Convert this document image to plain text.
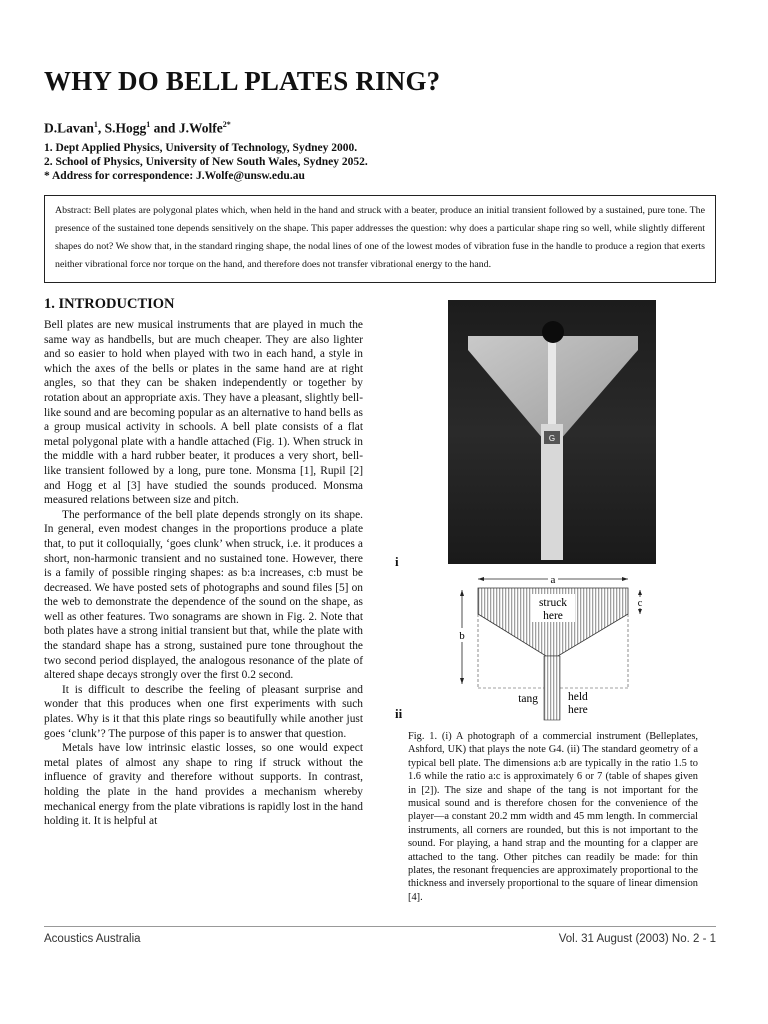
WHY DO BELL PLATES RING?
D.Lavan$^1$, S.Hogg$^1$ and J.Wolfe$^{2*}$
1. Dept Applied Physics, University of Technology, Sydney 2000.
2. School of Physics, University of New South Wales, Sydney 2052.
* Address for correspondence: J.Wolfe@unsw.edu.au
Abstract: Bell plates are polygonal plates which, when held in the hand and struck with a beater, produce an initial transient followed by a sustained, pure tone. The presence of the sustained tone depends sensitively on the shape. This paper addresses the question: why does a particular shape ring so well, while slightly different shapes do not? We show that, in the standard ringing shape, the nodal lines of one of the lowest modes of vibration fuse in the handle to produce a region that exerts neither vibrational force nor torque on the hand, and therefore does not transfer vibrational energy to the hand.
1. INTRODUCTION

Bell plates are new musical instruments that are played in much the same way as handbells, but are much cheaper. They are also lighter and so easier to hold when played with two in each hand, a style in which the axes of the bells or plates in the same hand are at right angles, so that they can be shaken independently or together by rotation about an appropriate axis. They have a pleasant, slightly bell-like sound and are becoming popular as an alternative to hand bells as a group musical activity in schools. A bell plate consists of a flat metal polygonal plate with a handle attached (Fig. 1). When struck in the middle with a hard rubber beater, it produces a very short, bell-like transient followed by a long, pure tone. Monsma [1], Rupil [2] and Hogg et al [3] have studied the sounds produced. Monsma measured relations between size and pitch.

The performance of the bell plate depends strongly on its shape. In general, even modest changes in the proportions produce a plate that, to put it colloquially, ‘goes clunk’ when struck, i.e. it produces a short, non-harmonic transient and no sustained tone. However, there is a family of possible ringing shapes: as b:a increases, c:b must be decreased. We have posted sets of photographs and sound files [5] on the web to demonstrate the dependence of the sound on the shape, as well as other features. Two sonagrams are shown in Fig. 2. Note that both plates have a strong initial transient but that, while the plate with the standard shape has a strong, sustained pure tone throughout the two second period displayed, the analogous resonance of the plate of altered shape decays strongly over the first 0.2 second.

It is difficult to describe the feeling of pleasant surprise and wonder that this produces when one first experiments with such plates. Why is it that this plate rings so beautifully while another just goes ‘clunk’? The purpose of this paper is to answer that question.

Metals have low intrinsic elastic losses, so one would expect metal plates of almost any shape to ring if struck without the influence of gravity and therefore without supports. In contrast, holding the plate in the hand provides a mechanism whereby mechanical energy from the plate vibrations is rapidly lost in the hand holding it. It is helpful at

G
i
a
b
c
struck
here
tang	held
here
ii
Fig. 1. (i) A photograph of a commercial instrument (Belleplates, Ashford, UK) that plays the note G4. (ii) The standard geometry of a typical bell plate. The dimensions a:b are typically in the ratio 1.5 to 1.6 while the ratio a:c is approximately 6 or 7 (table of shapes given in [2]). The size and shape of the tang is not important for the musical sound and is therefore chosen for the convenience of the player—a constant 20.2 mm width and 45 mm length. In commercial instruments, all corners are rounded, but this is not important to the sound. For playing, a hand strap and the mounting for a clapper are attached to the tang. Other pitches can readily be made: for thin plates, the resonant frequencies are approximately proportional to the thickness and inversely proportional to the square of linear dimension [4].
Acoustics Australia	Vol. 31 August (2003) No. 2 - 1
